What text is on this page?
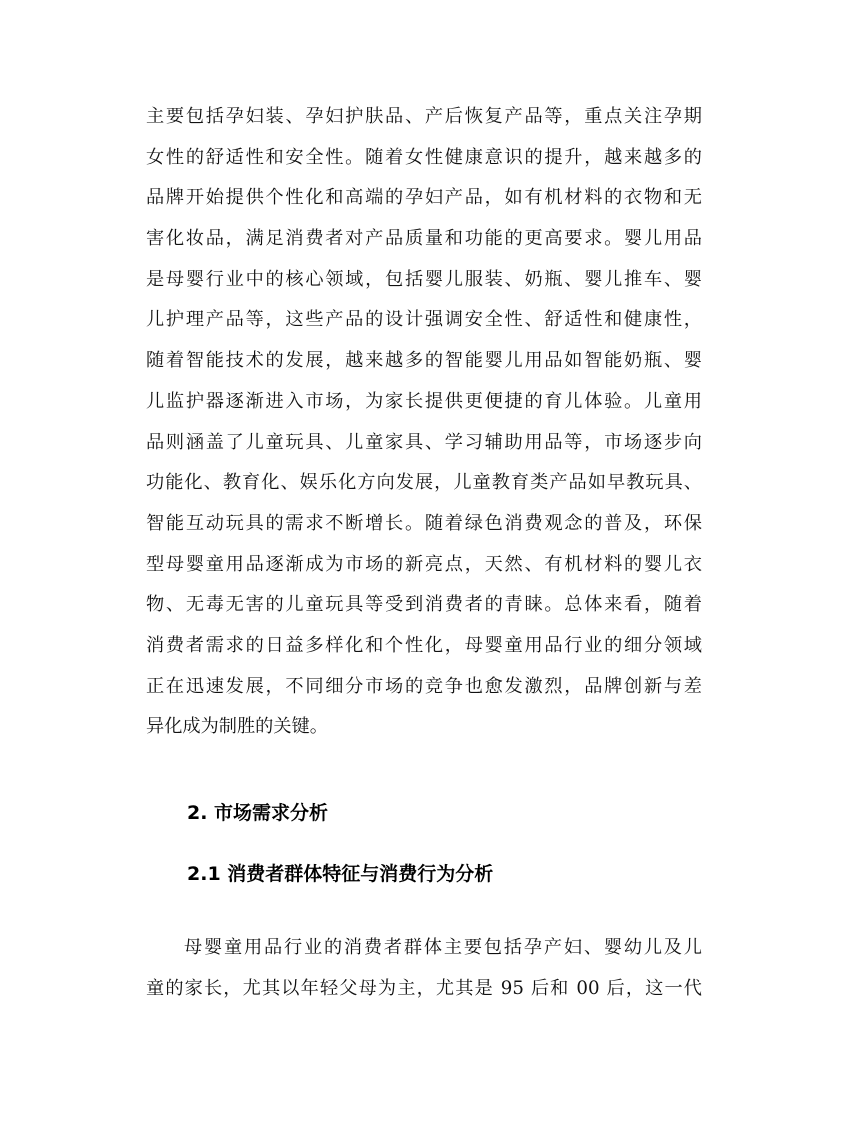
主要包括孕妇装、孕妇护肤品、产后恢复产品等，重点关注孕期
女性的舒适性和安全性。随着女性健康意识的提升，越来越多的
品牌开始提供个性化和高端的孕妇产品，如有机材料的衣物和无
害化妆品，满足消费者对产品质量和功能的更高要求。婴儿用品
是母婴行业中的核心领域，包括婴儿服装、奶瓶、婴儿推车、婴
儿护理产品等，这些产品的设计强调安全性、舒适性和健康性，
随着智能技术的发展，越来越多的智能婴儿用品如智能奶瓶、婴
儿监护器逐渐进入市场，为家长提供更便捷的育儿体验。儿童用
品则涵盖了儿童玩具、儿童家具、学习辅助用品等，市场逐步向
功能化、教育化、娱乐化方向发展，儿童教育类产品如早教玩具、
智能互动玩具的需求不断增长。随着绿色消费观念的普及，环保
型母婴童用品逐渐成为市场的新亮点，天然、有机材料的婴儿衣
物、无毒无害的儿童玩具等受到消费者的青睐。总体来看，随着
消费者需求的日益多样化和个性化，母婴童用品行业的细分领域
正在迅速发展，不同细分市场的竞争也愈发激烈，品牌创新与差
异化成为制胜的关键。
2. 市场需求分析
2.1 消费者群体特征与消费行为分析
母婴童用品行业的消费者群体主要包括孕产妇、婴幼儿及儿
童的家长，尤其以年轻父母为主，尤其是 95 后和 00 后，这一代
